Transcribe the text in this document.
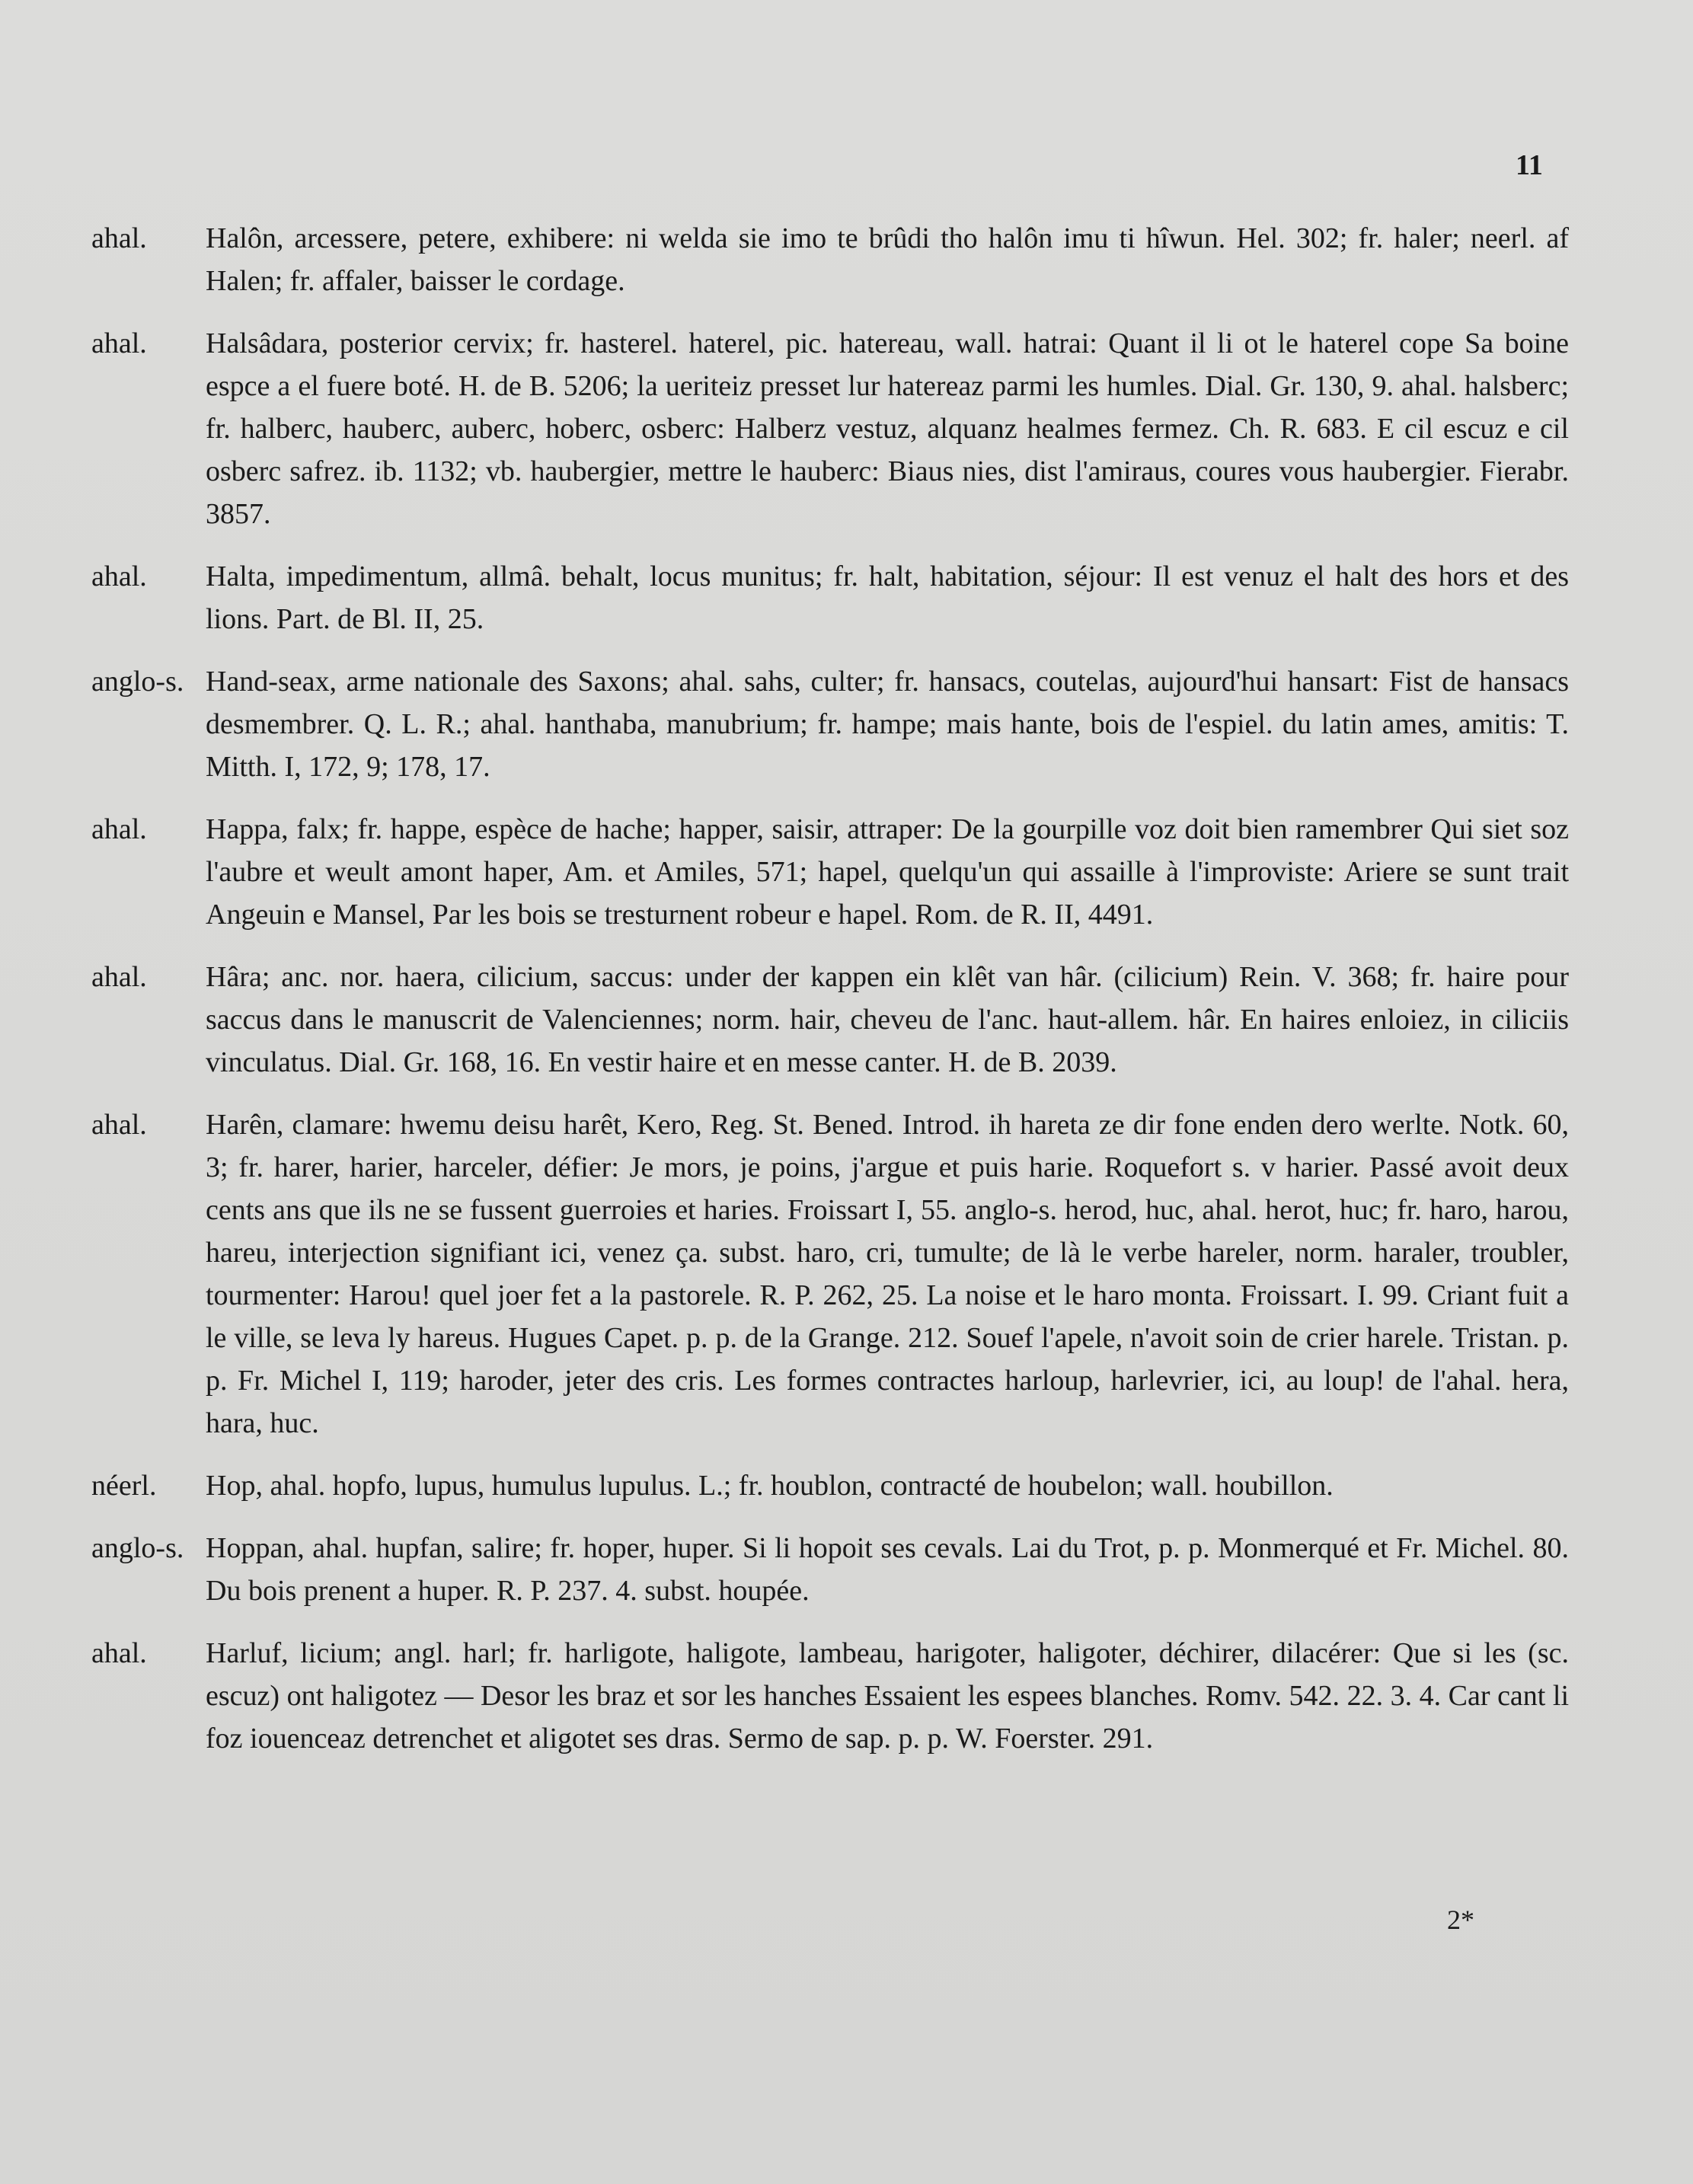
11
ahal.	Halôn, arcessere, petere, exhibere: ni welda sie imo te brûdi tho halôn imu ti hîwun. Hel. 302; fr. haler; neerl. af Halen; fr. affaler, baisser le cordage.
ahal.	Halsâdara, posterior cervix; fr. hasterel. haterel, pic. hatereau, wall. hatrai: Quant il li ot le haterel cope Sa boine espce a el fuere boté. H. de B. 5206; la ueriteiz presset lur hatereaz parmi les humles. Dial. Gr. 130, 9. ahal. halsberc; fr. halberc, hauberc, auberc, hoberc, osberc: Halberz vestuz, alquanz healmes fermez. Ch. R. 683. E cil escuz e cil osberc safrez. ib. 1132; vb. haubergier, mettre le hauberc: Biaus nies, dist l'amiraus, coures vous haubergier. Fierabr. 3857.
ahal.	Halta, impedimentum, allmâ. behalt, locus munitus; fr. halt, habitation, séjour: Il est venuz el halt des hors et des lions. Part. de Bl. II, 25.
anglo-s. Hand-seax, arme nationale des Saxons; ahal. sahs, culter; fr. hansacs, coutelas, aujourd'hui hansart: Fist de hansacs desmembrer. Q. L. R.; ahal. hanthaba, manubrium; fr. hampe; mais hante, bois de l'espiel. du latin ames, amitis: T. Mitth. I, 172, 9; 178, 17.
ahal.	Happa, falx; fr. happe, espèce de hache; happer, saisir, attraper: De la gourpille voz doit bien ramembrer Qui siet soz l'aubre et weult amont haper, Am. et Amiles, 571; hapel, quelqu'un qui assaille à l'improviste: Ariere se sunt trait Angeuin e Mansel, Par les bois se tresturnent robeur e hapel. Rom. de R. II, 4491.
ahal.	Hâra; anc. nor. haera, cilicium, saccus: under der kappen ein klêt van hâr. (cilicium) Rein. V. 368; fr. haire pour saccus dans le manuscrit de Valenciennes; norm. hair, cheveu de l'anc. haut-allem. hâr. En haires enloiez, in ciliciis vinculatus. Dial. Gr. 168, 16. En vestir haire et en messe canter. H. de B. 2039.
ahal.	Harên, clamare: hwemu deisu harêt, Kero, Reg. St. Bened. Introd. ih hareta ze dir fone enden dero werlte. Notk. 60, 3; fr. harer, harier, harceler, défier: Je mors, je poins, j'argue et puis harie. Roquefort s. v harier. Passé avoit deux cents ans que ils ne se fussent guerroies et haries. Froissart I, 55. anglo-s. herod, huc, ahal. herot, huc; fr. haro, harou, hareu, interjection signifiant ici, venez ça. subst. haro, cri, tumulte; de là le verbe hareler, norm. haraler, troubler, tourmenter: Harou! quel joer fet a la pastorele. R. P. 262, 25. La noise et le haro monta. Froissart. I. 99. Criant fuit a le ville, se leva ly hareus. Hugues Capet. p. p. de la Grange. 212. Souef l'apele, n'avoit soin de crier harele. Tristan. p. p. Fr. Michel I, 119; haroder, jeter des cris. Les formes contractes harloup, harlevrier, ici, au loup! de l'ahal. hera, hara, huc.
néerl.	Hop, ahal. hopfo, lupus, humulus lupulus. L.; fr. houblon, contracté de houbelon; wall. houbillon.
anglo-s. Hoppan, ahal. hupfan, salire; fr. hoper, huper. Si li hopoit ses cevals. Lai du Trot, p. p. Monmerqué et Fr. Michel. 80. Du bois prenent a huper. R. P. 237. 4. subst. houpée.
ahal.	Harluf, licium; angl. harl; fr. harligote, haligote, lambeau, harigoter, haligoter, déchirer, dilacérer: Que si les (sc. escuz) ont haligotez — Desor les braz et sor les hanches Essaient les espees blanches. Romv. 542. 22. 3. 4. Car cant li foz iouenceaz detrenchet et aligotet ses dras. Sermo de sap. p. p. W. Foerster. 291.
2*
